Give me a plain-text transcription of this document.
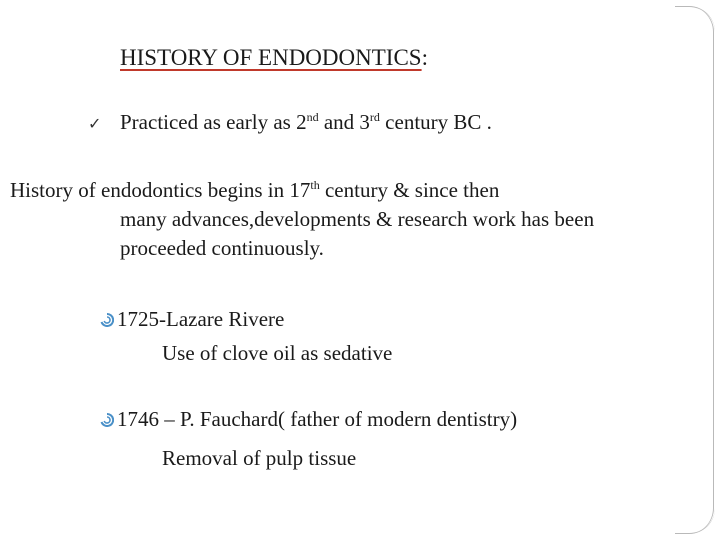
HISTORY OF ENDODONTICS:
✓ Practiced as early as 2nd and 3rd century BC .
History of endodontics begins in 17th century & since then
many advances,developments & research work has been
proceeded continuously.
1725-Lazare Rivere
Use of clove oil as sedative
1746 – P. Fauchard( father of modern dentistry)
Removal of pulp tissue
